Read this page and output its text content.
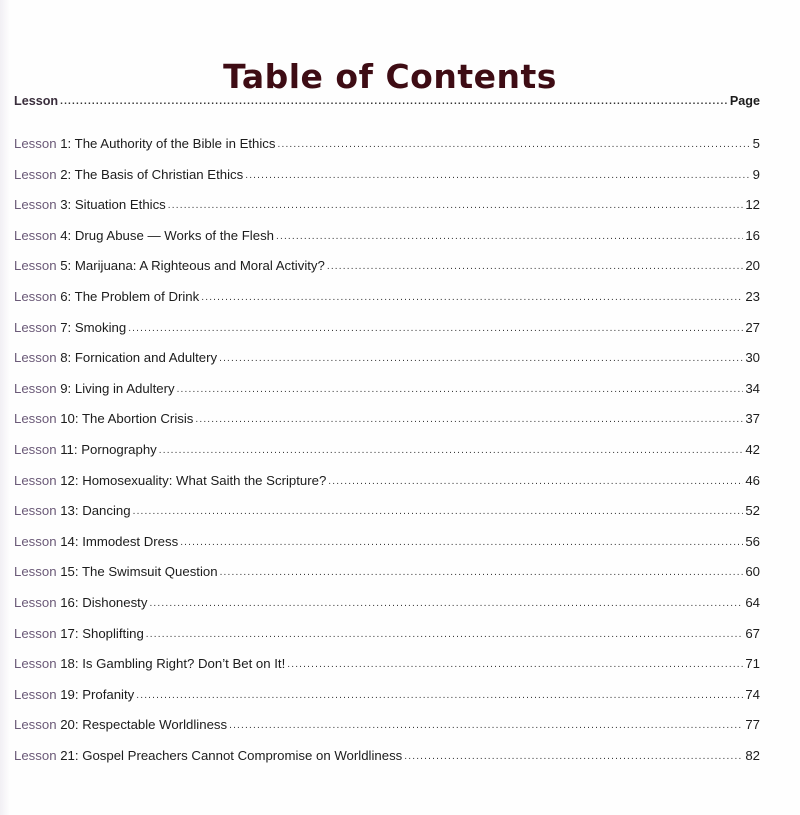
Table of Contents
Lesson .....	Page
Lesson 1: The Authority of the Bible in Ethics .....	5
Lesson 2: The Basis of Christian Ethics .....	9
Lesson 3: Situation Ethics .....	12
Lesson 4: Drug Abuse — Works of the Flesh .....	16
Lesson 5: Marijuana: A Righteous and Moral Activity? .....	20
Lesson 6: The Problem of Drink .....	23
Lesson 7: Smoking .....	27
Lesson 8: Fornication and Adultery .....	30
Lesson 9: Living in Adultery .....	34
Lesson 10: The Abortion Crisis .....	37
Lesson 11: Pornography .....	42
Lesson 12: Homosexuality: What Saith the Scripture? .....	46
Lesson 13: Dancing .....	52
Lesson 14: Immodest Dress .....	56
Lesson 15: The Swimsuit Question .....	60
Lesson 16: Dishonesty .....	64
Lesson 17: Shoplifting .....	67
Lesson 18: Is Gambling Right? Don’t Bet on It! .....	71
Lesson 19: Profanity .....	74
Lesson 20: Respectable Worldliness .....	77
Lesson 21: Gospel Preachers Cannot Compromise on Worldliness .....	82
